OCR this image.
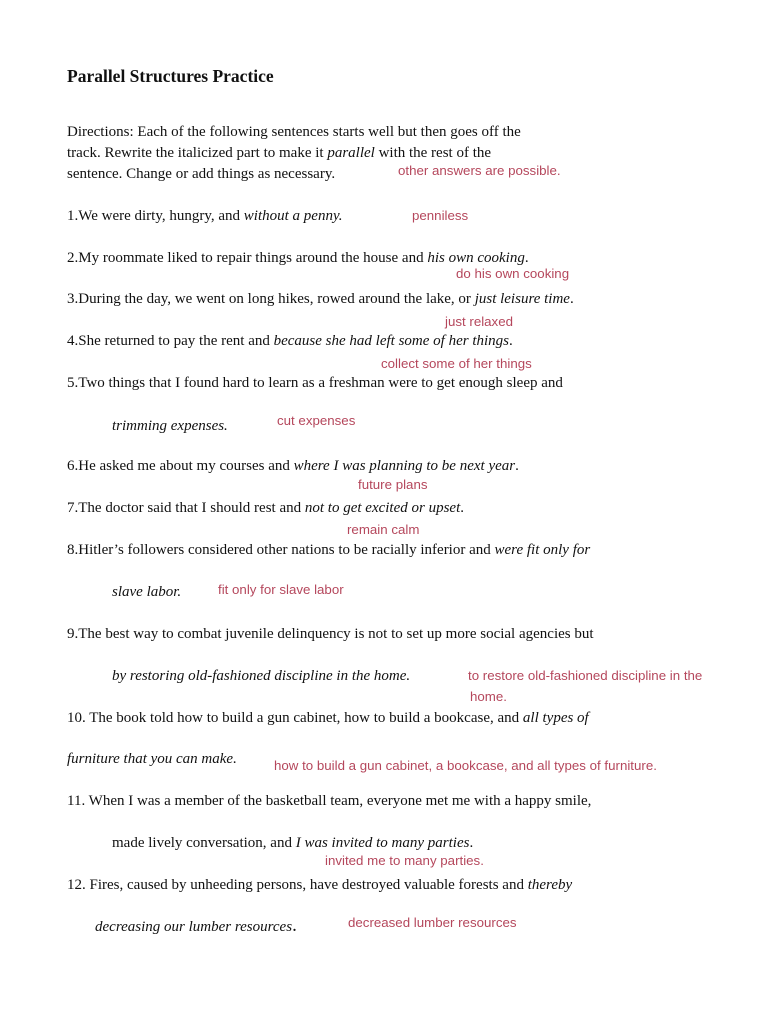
Parallel Structures Practice
Directions: Each of the following sentences starts well but then goes off the
track. Rewrite the italicized part to make it parallel with the rest of the
sentence. Change or add things as necessary.	other answers are possible.
1.We were dirty, hungry, and without a penny.	penniless
2.My roommate liked to repair things around the house and his own cooking.
do his own cooking
3.During the day, we went on long hikes, rowed around the lake, or just leisure time.
just relaxed
4.She returned to pay the rent and because she had left some of her things.
collect some of her things
5.Two things that I found hard to learn as a freshman were to get enough sleep and
trimming expenses.	cut expenses
6.He asked me about my courses and where I was planning to be next year.
future plans
7.The doctor said that I should rest and not to get excited or upset.
remain calm
8.Hitler’s followers considered other nations to be racially inferior and were fit only for
slave labor.	fit only for slave labor
9.The best way to combat juvenile delinquency is not to set up more social agencies but
by restoring old-fashioned discipline in the home.	to restore old-fashioned discipline in the
home.
10. The book told how to build a gun cabinet, how to build a bookcase, and all types of
furniture that you can make.	how to build a gun cabinet, a bookcase, and all types of furniture.
11. When I was a member of the basketball team, everyone met me with a happy smile,
made lively conversation, and I was invited to many parties.
invited me to many parties.
12. Fires, caused by unheeding persons, have destroyed valuable forests and thereby
decreasing our lumber resources.	decreased lumber resources
